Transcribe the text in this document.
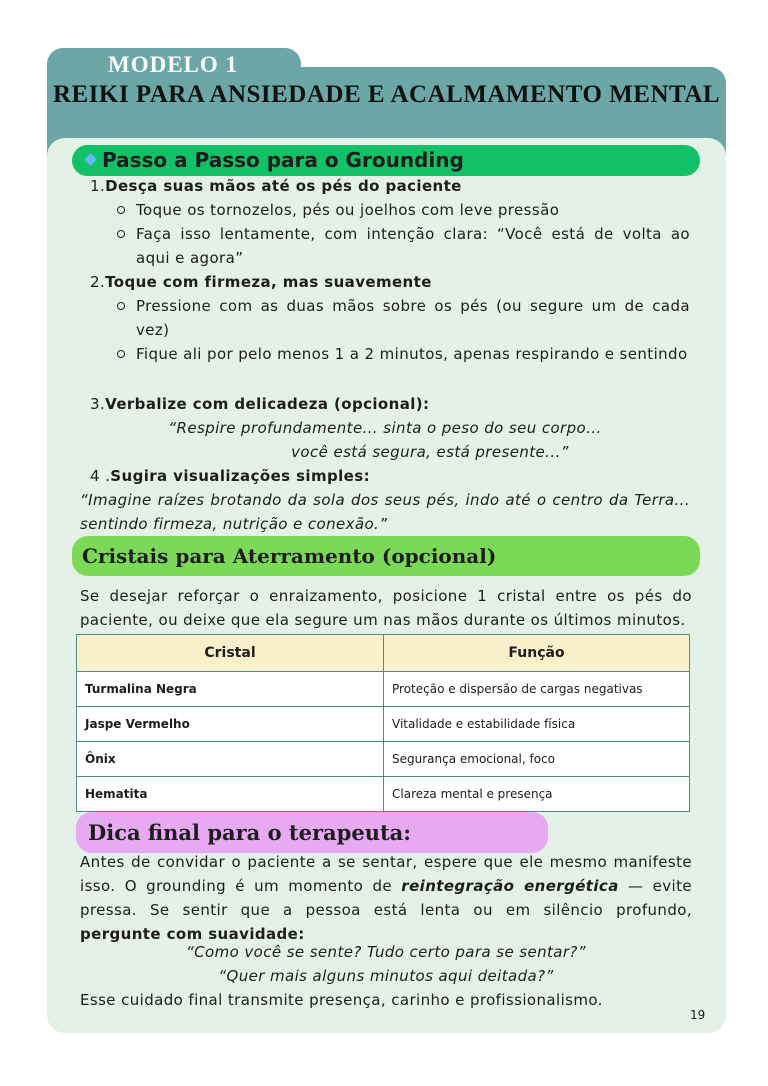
MODELO 1
REIKI PARA ANSIEDADE E ACALMAMENTO MENTAL
Passo a Passo para o Grounding
1.Desça suas mãos até os pés do paciente
Toque os tornozelos, pés ou joelhos com leve pressão
Faça isso lentamente, com intenção clara: “Você está de volta ao aqui e agora”
2.Toque com firmeza, mas suavemente
Pressione com as duas mãos sobre os pés (ou segure um de cada vez)
Fique ali por pelo menos 1 a 2 minutos, apenas respirando e sentindo
3.Verbalize com delicadeza (opcional):
“Respire profundamente... sinta o peso do seu corpo...
você está segura, está presente...”
4 .Sugira visualizações simples:
“Imagine raízes brotando da sola dos seus pés, indo até o centro da Terra... sentindo firmeza, nutrição e conexão.”
Cristais para Aterramento (opcional)
Se desejar reforçar o enraizamento, posicione 1 cristal entre os pés do paciente, ou deixe que ela segure um nas mãos durante os últimos minutos.
Cristal	Função
Turmalina Negra	Proteção e dispersão de cargas negativas
Jaspe Vermelho	Vitalidade e estabilidade física
Ônix	Segurança emocional, foco
Hematita	Clareza mental e presença
Dica final para o terapeuta:
Antes de convidar o paciente a se sentar, espere que ele mesmo manifeste isso. O grounding é um momento de reintegração energética — evite pressa. Se sentir que a pessoa está lenta ou em silêncio profundo, pergunte com suavidade:
“Como você se sente? Tudo certo para se sentar?”
“Quer mais alguns minutos aqui deitada?”
Esse cuidado final transmite presença, carinho e profissionalismo.
19
